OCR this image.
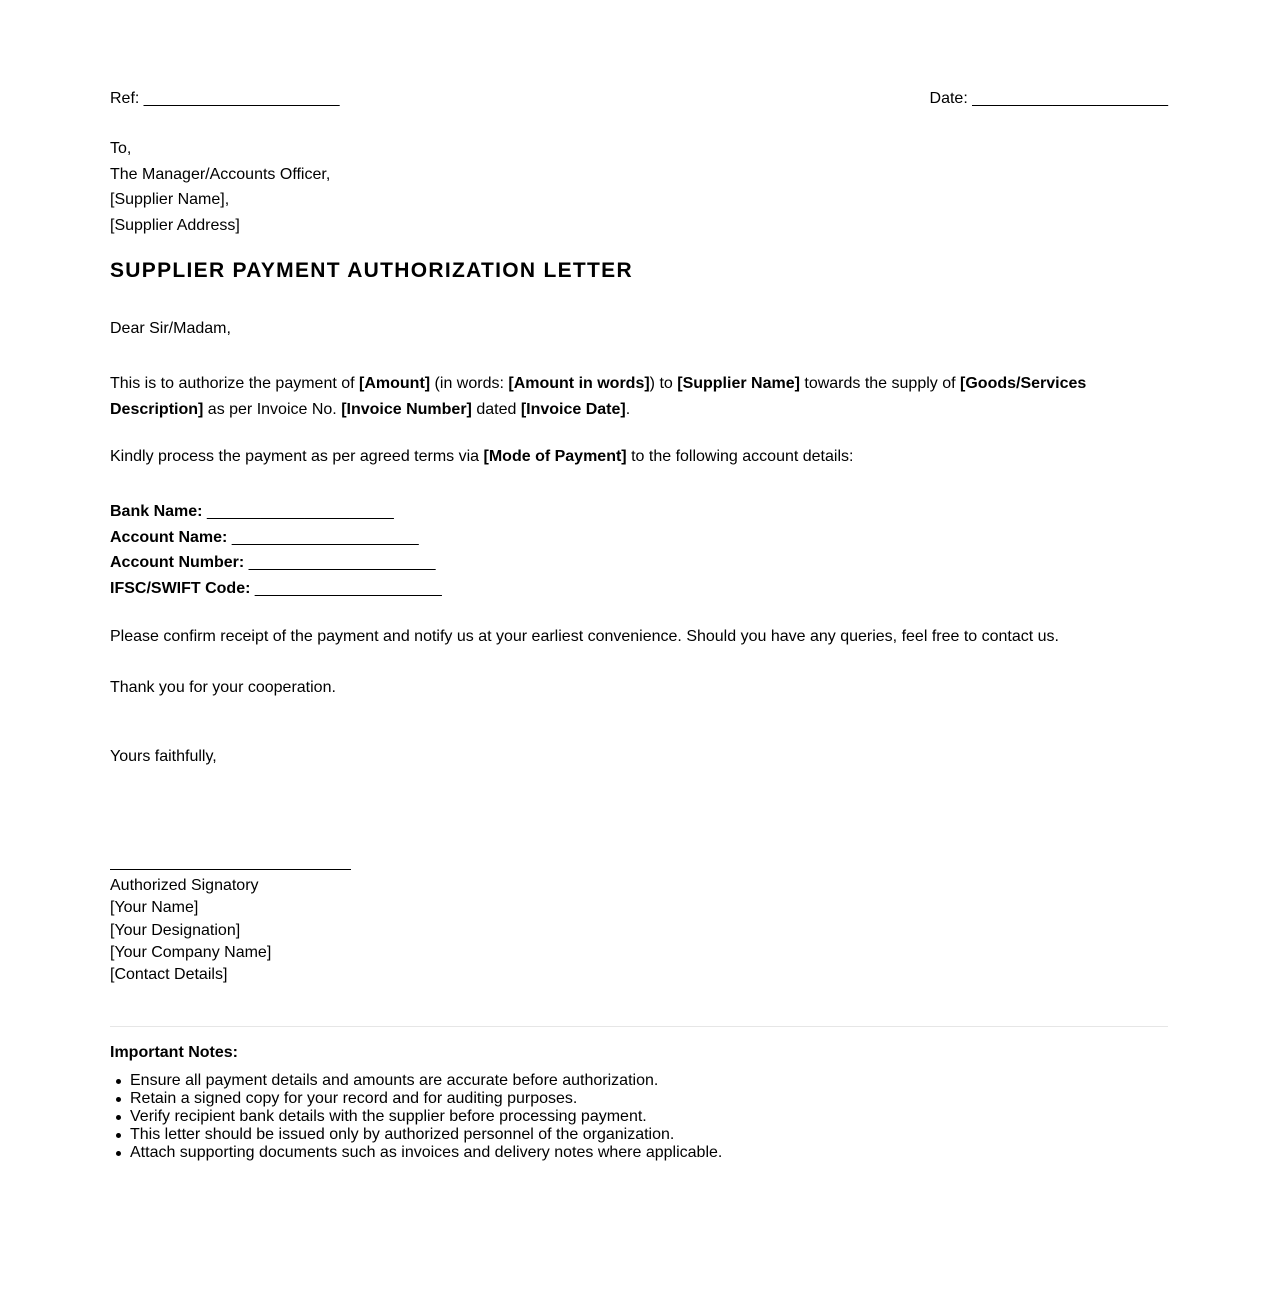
Ref: ______________________	Date: ______________________
To,
The Manager/Accounts Officer,
[Supplier Name],
[Supplier Address]
SUPPLIER PAYMENT AUTHORIZATION LETTER
Dear Sir/Madam,
This is to authorize the payment of [Amount] (in words: [Amount in words]) to [Supplier Name] towards the supply of [Goods/Services Description] as per Invoice No. [Invoice Number] dated [Invoice Date].
Kindly process the payment as per agreed terms via [Mode of Payment] to the following account details:
Bank Name: _____________________
Account Name: _____________________
Account Number: _____________________
IFSC/SWIFT Code: _____________________
Please confirm receipt of the payment and notify us at your earliest convenience. Should you have any queries, feel free to contact us.
Thank you for your cooperation.
Yours faithfully,
Authorized Signatory
[Your Name]
[Your Designation]
[Your Company Name]
[Contact Details]
Important Notes:
Ensure all payment details and amounts are accurate before authorization.
Retain a signed copy for your record and for auditing purposes.
Verify recipient bank details with the supplier before processing payment.
This letter should be issued only by authorized personnel of the organization.
Attach supporting documents such as invoices and delivery notes where applicable.
